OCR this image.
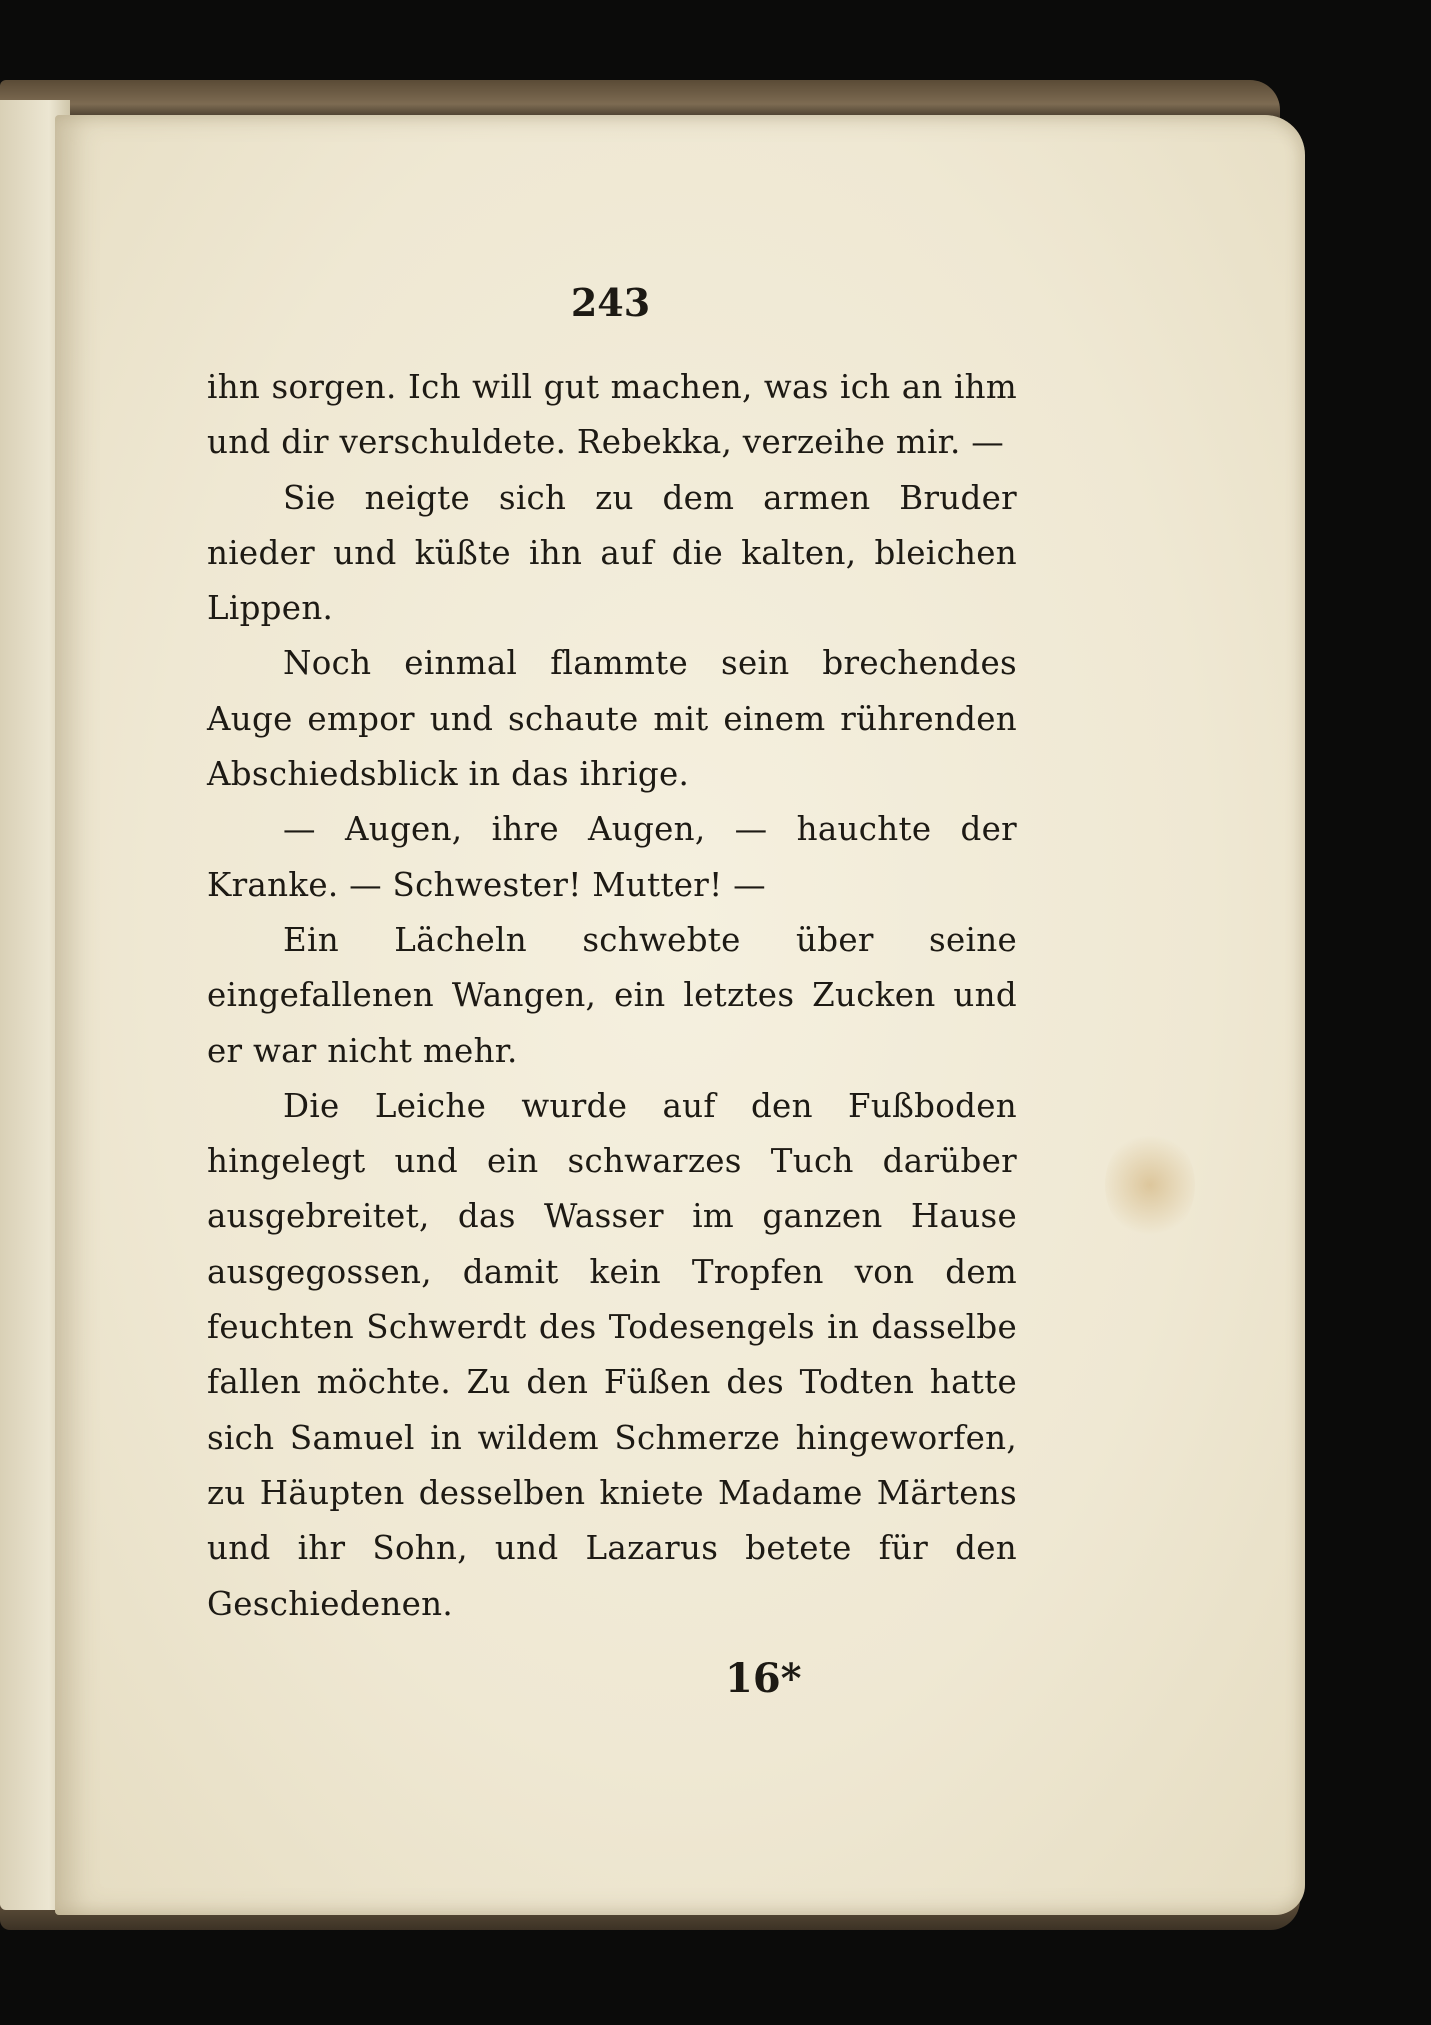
243

ihn sorgen. Ich will gut machen, was ich an ihm und dir verschuldete. Rebekka, verzeihe mir. —

Sie neigte sich zu dem armen Bruder nieder und küßte ihn auf die kalten, bleichen Lippen.

Noch einmal flammte sein brechendes Auge empor und schaute mit einem rührenden Abschiedsblick in das ihrige.

— Augen, ihre Augen, — hauchte der Kranke. — Schwester! Mutter! —

Ein Lächeln schwebte über seine eingefallenen Wangen, ein letztes Zucken und er war nicht mehr.

Die Leiche wurde auf den Fußboden hingelegt und ein schwarzes Tuch darüber ausgebreitet, das Wasser im ganzen Hause ausgegossen, damit kein Tropfen von dem feuchten Schwerdt des Todesengels in dasselbe fallen möchte. Zu den Füßen des Todten hatte sich Samuel in wildem Schmerze hingeworfen, zu Häupten desselben kniete Madame Märtens und ihr Sohn, und Lazarus betete für den Geschiedenen.

16*
